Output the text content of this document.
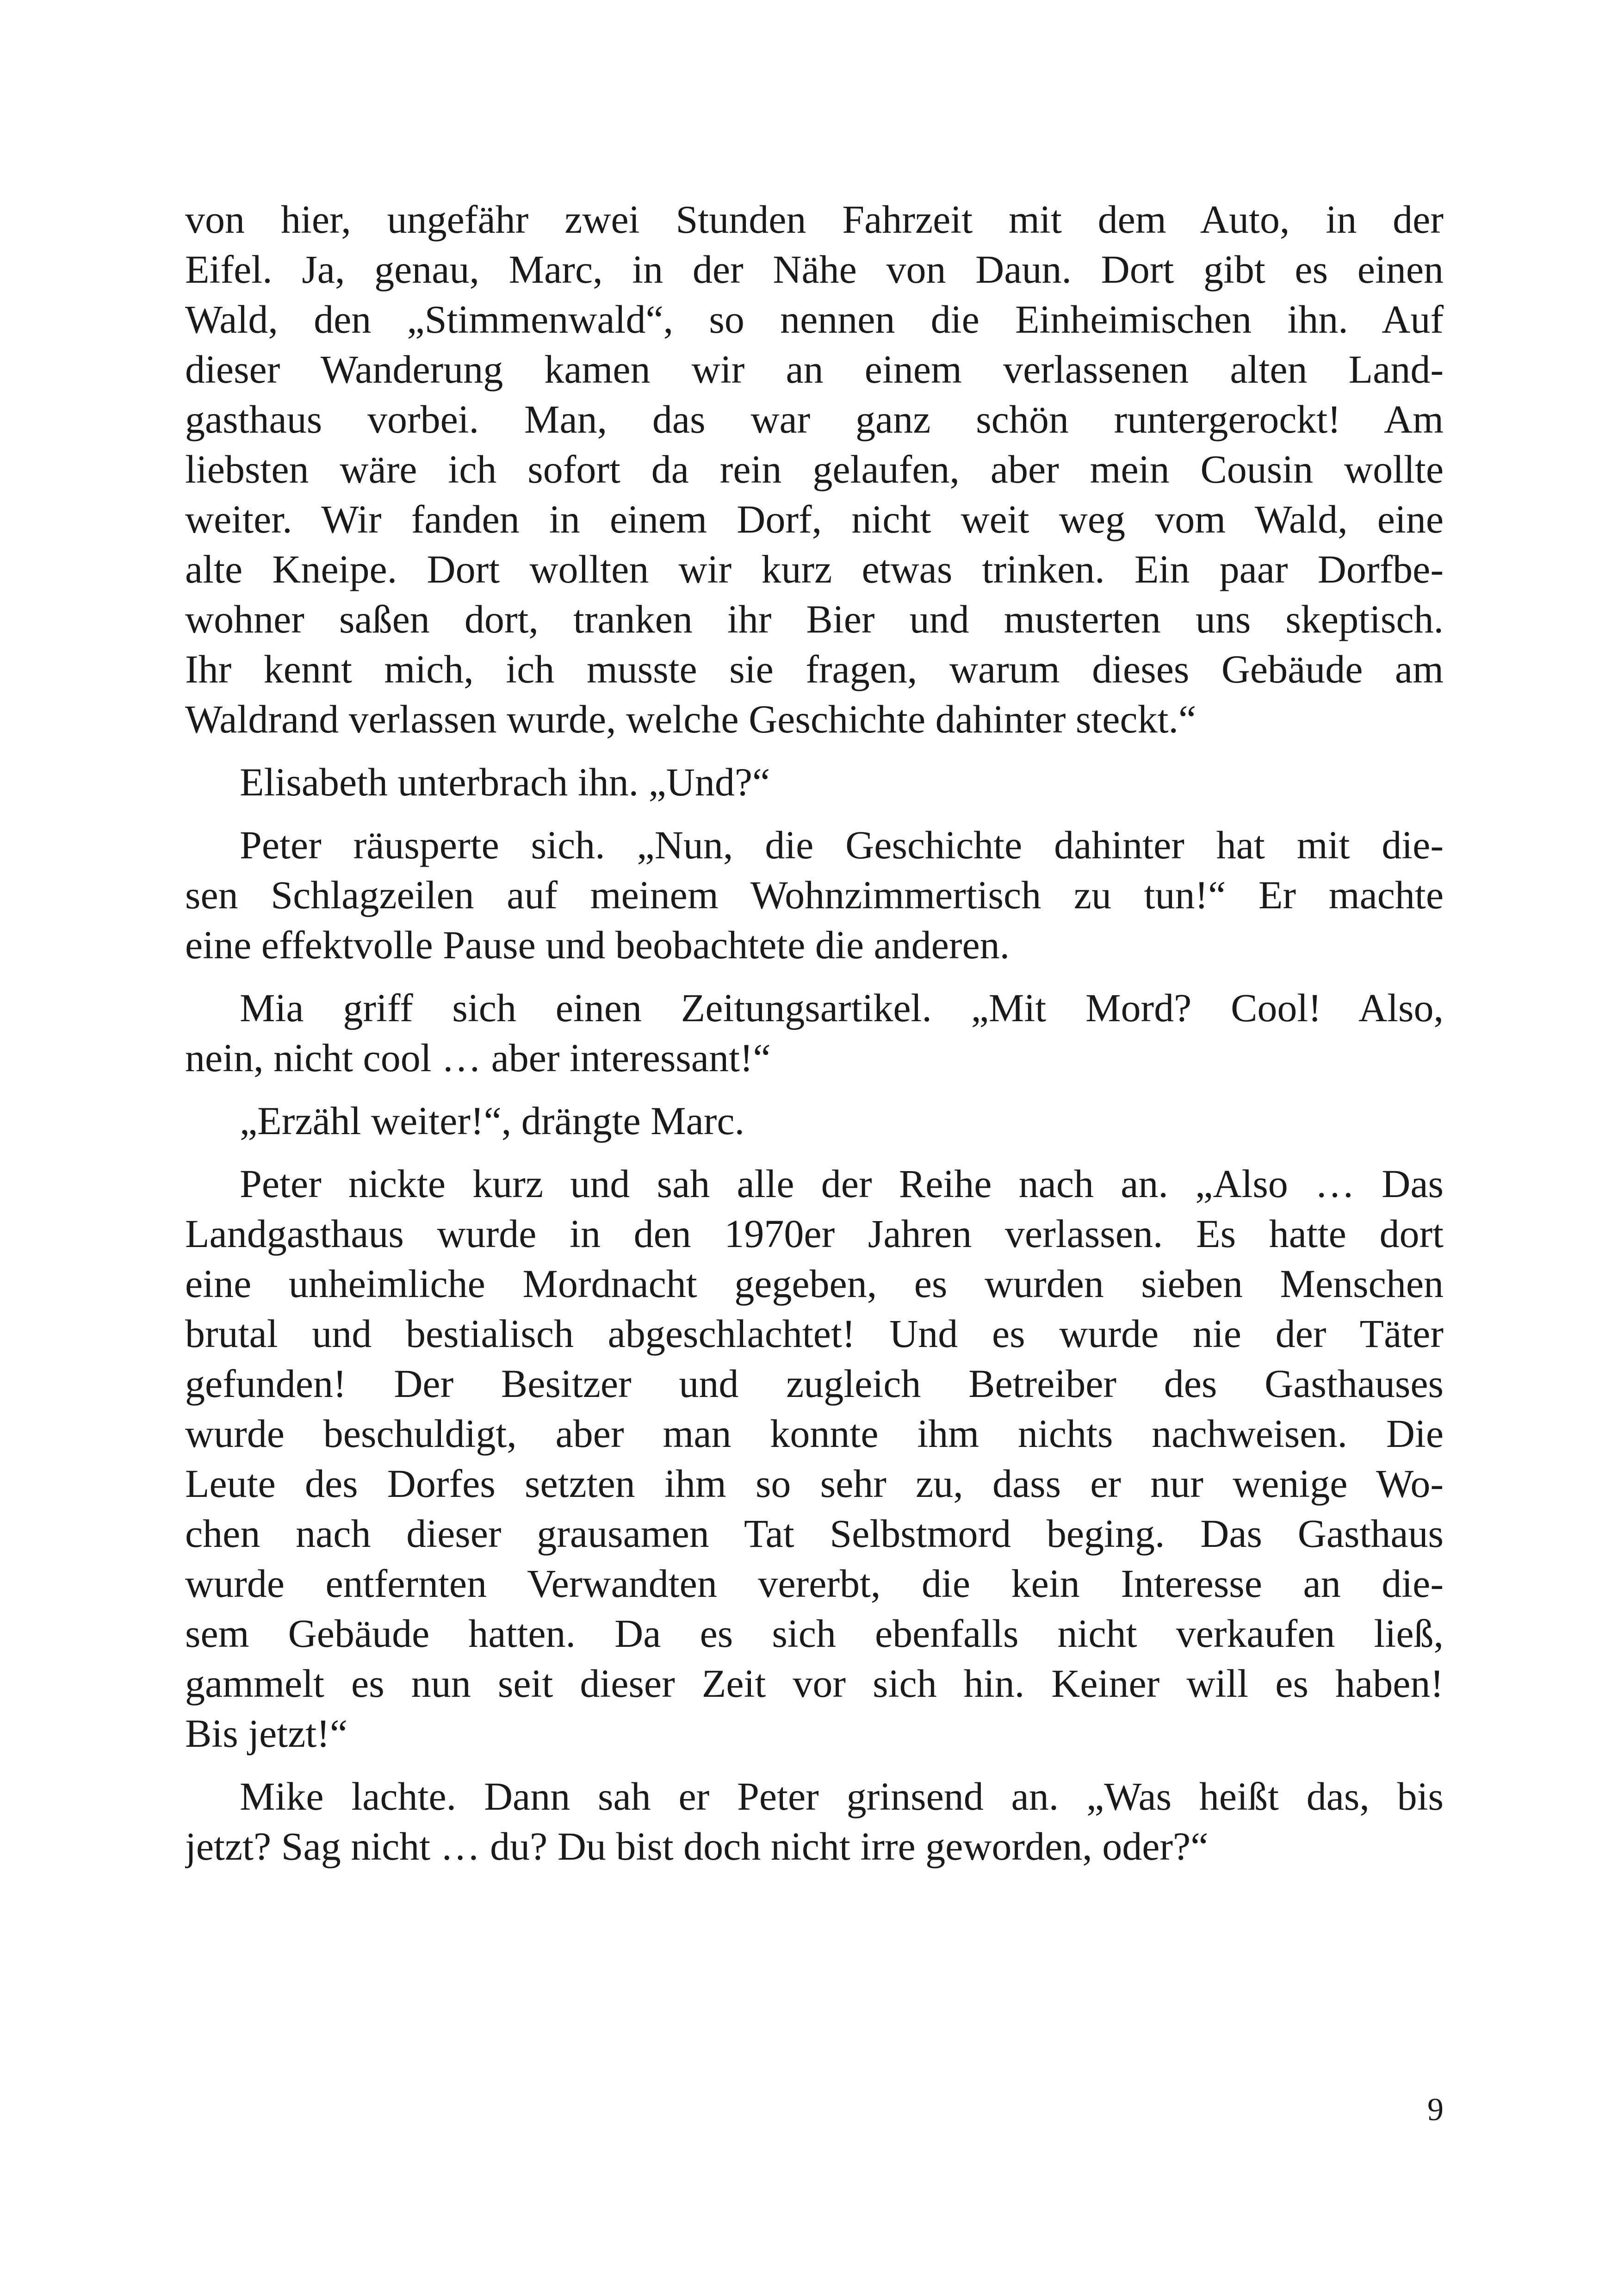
von hier, ungefähr zwei Stunden Fahrzeit mit dem Auto, in der
Eifel. Ja, genau, Marc, in der Nähe von Daun. Dort gibt es einen
Wald, den „Stimmenwald“, so nennen die Einheimischen ihn. Auf
dieser Wanderung kamen wir an einem verlassenen alten Land-
gasthaus vorbei. Man, das war ganz schön runtergerockt! Am
liebsten wäre ich sofort da rein gelaufen, aber mein Cousin wollte
weiter. Wir fanden in einem Dorf, nicht weit weg vom Wald, eine
alte Kneipe. Dort wollten wir kurz etwas trinken. Ein paar Dorfbe-
wohner saßen dort, tranken ihr Bier und musterten uns skeptisch.
Ihr kennt mich, ich musste sie fragen, warum dieses Gebäude am
Waldrand verlassen wurde, welche Geschichte dahinter steckt.“
Elisabeth unterbrach ihn. „Und?“
Peter räusperte sich. „Nun, die Geschichte dahinter hat mit die-
sen Schlagzeilen auf meinem Wohnzimmertisch zu tun!“ Er machte
eine effektvolle Pause und beobachtete die anderen.
Mia griff sich einen Zeitungsartikel. „Mit Mord? Cool! Also,
nein, nicht cool … aber interessant!“
„Erzähl weiter!“, drängte Marc.
Peter nickte kurz und sah alle der Reihe nach an. „Also … Das
Landgasthaus wurde in den 1970er Jahren verlassen. Es hatte dort
eine unheimliche Mordnacht gegeben, es wurden sieben Menschen
brutal und bestialisch abgeschlachtet! Und es wurde nie der Täter
gefunden! Der Besitzer und zugleich Betreiber des Gasthauses
wurde beschuldigt, aber man konnte ihm nichts nachweisen. Die
Leute des Dorfes setzten ihm so sehr zu, dass er nur wenige Wo-
chen nach dieser grausamen Tat Selbstmord beging. Das Gasthaus
wurde entfernten Verwandten vererbt, die kein Interesse an die-
sem Gebäude hatten. Da es sich ebenfalls nicht verkaufen ließ,
gammelt es nun seit dieser Zeit vor sich hin. Keiner will es haben!
Bis jetzt!“
Mike lachte. Dann sah er Peter grinsend an. „Was heißt das, bis
jetzt? Sag nicht … du? Du bist doch nicht irre geworden, oder?“
9
